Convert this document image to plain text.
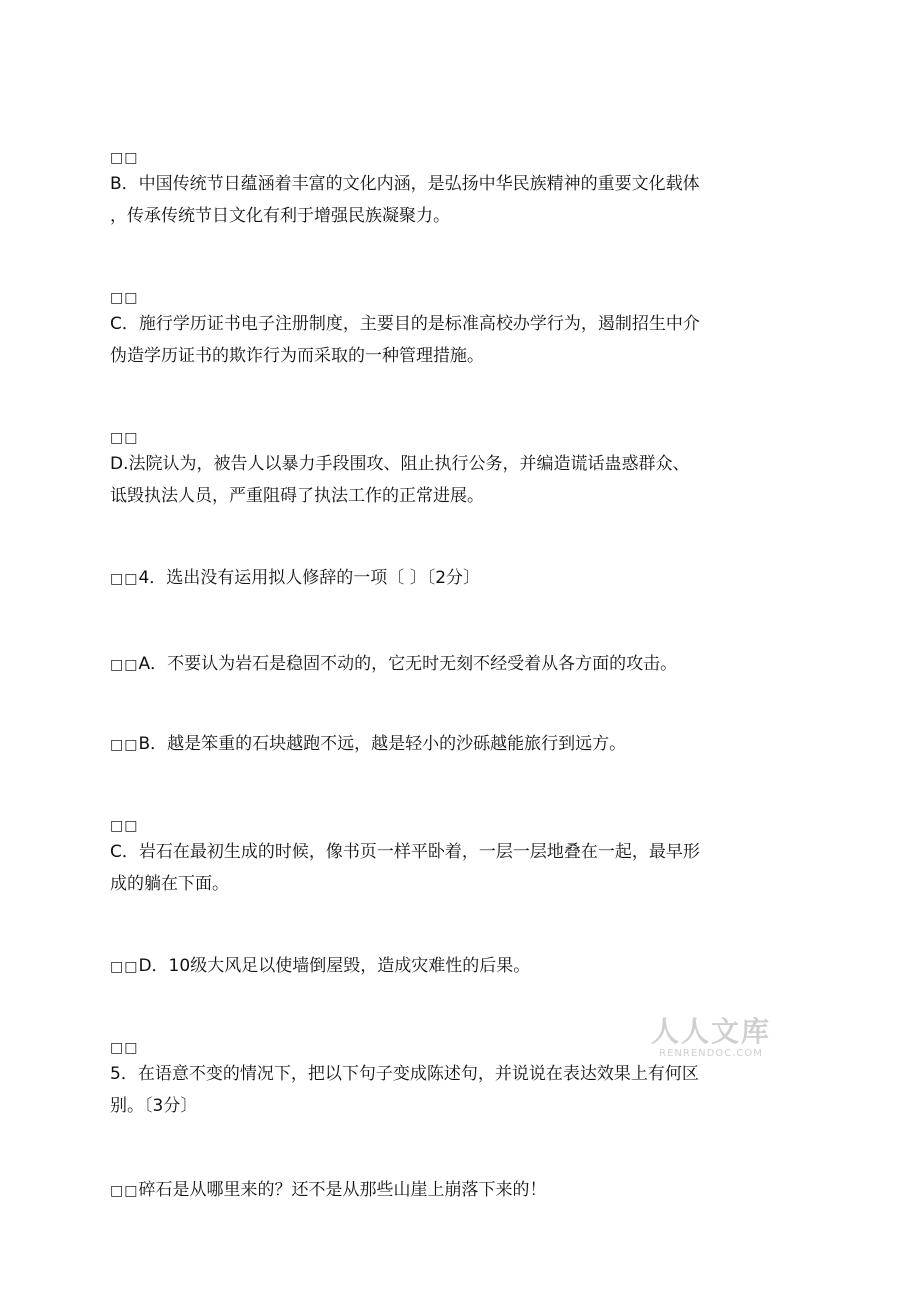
□□
B．中国传统节日蕴涵着丰富的文化内涵，是弘扬中华民族精神的重要文化载体
，传承传统节日文化有利于增强民族凝聚力。
□□
C．施行学历证书电子注册制度，主要目的是标准高校办学行为，遏制招生中介
伪造学历证书的欺诈行为而采取的一种管理措施。
□□
D.法院认为，被告人以暴力手段围攻、阻止执行公务，并编造谎话蛊惑群众、
诋毁执法人员，严重阻碍了执法工作的正常进展。
□□4．选出没有运用拟人修辞的一项〔 〕〔2分〕
□□A．不要认为岩石是稳固不动的，它无时无刻不经受着从各方面的攻击。
□□B．越是笨重的石块越跑不远，越是轻小的沙砾越能旅行到远方。
□□
C．岩石在最初生成的时候，像书页一样平卧着，一层一层地叠在一起，最早形
成的躺在下面。
□□D．10级大风足以使墙倒屋毁，造成灾难性的后果。
□□
5．在语意不变的情况下，把以下句子变成陈述句，并说说在表达效果上有何区
别。〔3分〕
□□碎石是从哪里来的？还不是从那些山崖上崩落下来的！
人人文库
RENRENDOC.COM
